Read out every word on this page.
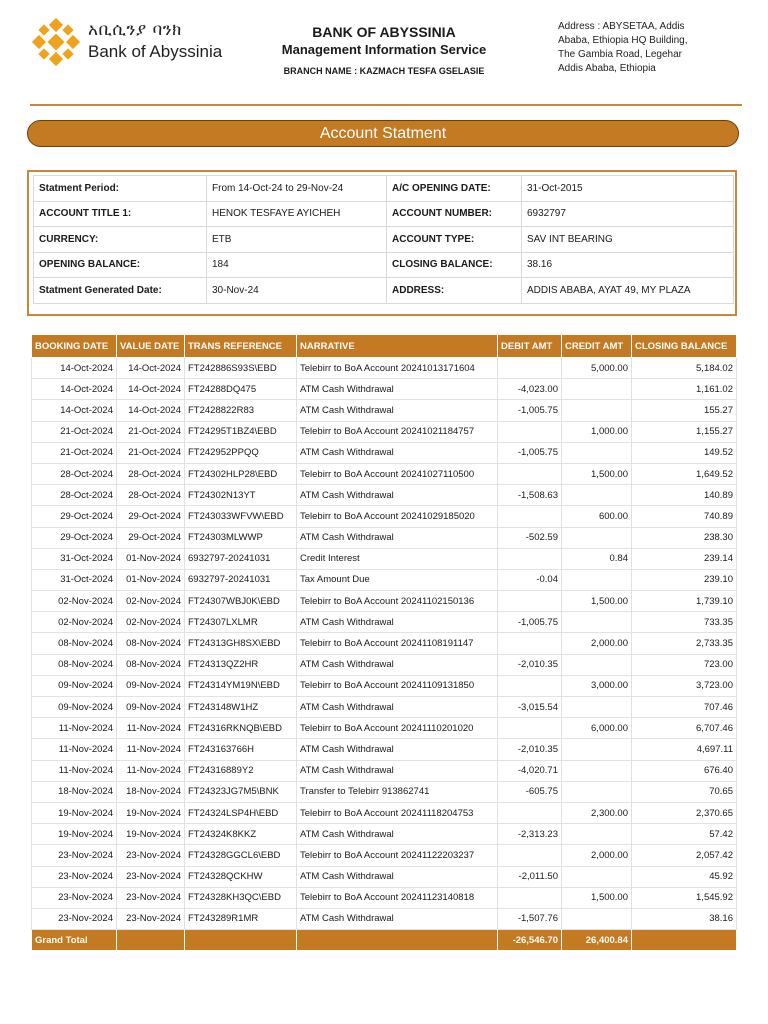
አቢሲንያ ባንክ
Bank of Abyssinia
BANK OF ABYSSINIA
Management Information Service
BRANCH NAME : KAZMACH TESFA GSELASIE
Address : ABYSETAA, Addis
Ababa, Ethiopia HQ Building,
The Gambia Road, Legehar
Addis Ababa, Ethiopia
Account Statment
Statment Period:	From 14-Oct-24 to 29-Nov-24	A/C OPENING DATE:	31-Oct-2015
ACCOUNT TITLE 1:	HENOK TESFAYE AYICHEH	ACCOUNT NUMBER:	6932797
CURRENCY:	ETB	ACCOUNT TYPE:	SAV INT BEARING
OPENING BALANCE:	184	CLOSING BALANCE:	38.16
Statment Generated Date:	30-Nov-24	ADDRESS:	ADDIS ABABA, AYAT 49, MY PLAZA
BOOKING DATE	VALUE DATE	TRANS REFERENCE	NARRATIVE	DEBIT AMT	CREDIT AMT	CLOSING BALANCE
14-Oct-2024	14-Oct-2024	FT242886S93S\EBD	Telebirr to BoA Account 20241013171604		5,000.00	5,184.02
14-Oct-2024	14-Oct-2024	FT24288DQ475	ATM Cash Withdrawal	-4,023.00		1,161.02
14-Oct-2024	14-Oct-2024	FT2428822R83	ATM Cash Withdrawal	-1,005.75		155.27
21-Oct-2024	21-Oct-2024	FT24295T1BZ4\EBD	Telebirr to BoA Account 20241021184757		1,000.00	1,155.27
21-Oct-2024	21-Oct-2024	FT242952PPQQ	ATM Cash Withdrawal	-1,005.75		149.52
28-Oct-2024	28-Oct-2024	FT24302HLP28\EBD	Telebirr to BoA Account 20241027110500		1,500.00	1,649.52
28-Oct-2024	28-Oct-2024	FT24302N13YT	ATM Cash Withdrawal	-1,508.63		140.89
29-Oct-2024	29-Oct-2024	FT243033WFVW\EBD	Telebirr to BoA Account 20241029185020		600.00	740.89
29-Oct-2024	29-Oct-2024	FT24303MLWWP	ATM Cash Withdrawal	-502.59		238.30
31-Oct-2024	01-Nov-2024	6932797-20241031	Credit Interest		0.84	239.14
31-Oct-2024	01-Nov-2024	6932797-20241031	Tax Amount Due	-0.04		239.10
02-Nov-2024	02-Nov-2024	FT24307WBJ0K\EBD	Telebirr to BoA Account 20241102150136		1,500.00	1,739.10
02-Nov-2024	02-Nov-2024	FT24307LXLMR	ATM Cash Withdrawal	-1,005.75		733.35
08-Nov-2024	08-Nov-2024	FT24313GH8SX\EBD	Telebirr to BoA Account 20241108191147		2,000.00	2,733.35
08-Nov-2024	08-Nov-2024	FT24313QZ2HR	ATM Cash Withdrawal	-2,010.35		723.00
09-Nov-2024	09-Nov-2024	FT24314YM19N\EBD	Telebirr to BoA Account 20241109131850		3,000.00	3,723.00
09-Nov-2024	09-Nov-2024	FT243148W1HZ	ATM Cash Withdrawal	-3,015.54		707.46
11-Nov-2024	11-Nov-2024	FT24316RKNQB\EBD	Telebirr to BoA Account 20241110201020		6,000.00	6,707.46
11-Nov-2024	11-Nov-2024	FT243163766H	ATM Cash Withdrawal	-2,010.35		4,697.11
11-Nov-2024	11-Nov-2024	FT24316889Y2	ATM Cash Withdrawal	-4,020.71		676.40
18-Nov-2024	18-Nov-2024	FT24323JG7M5\BNK	Transfer to Telebirr 913862741	-605.75		70.65
19-Nov-2024	19-Nov-2024	FT24324LSP4H\EBD	Telebirr to BoA Account 20241118204753		2,300.00	2,370.65
19-Nov-2024	19-Nov-2024	FT24324K8KKZ	ATM Cash Withdrawal	-2,313.23		57.42
23-Nov-2024	23-Nov-2024	FT24328GGCL6\EBD	Telebirr to BoA Account 20241122203237		2,000.00	2,057.42
23-Nov-2024	23-Nov-2024	FT24328QCKHW	ATM Cash Withdrawal	-2,011.50		45.92
23-Nov-2024	23-Nov-2024	FT24328KH3QC\EBD	Telebirr to BoA Account 20241123140818		1,500.00	1,545.92
23-Nov-2024	23-Nov-2024	FT243289R1MR	ATM Cash Withdrawal	-1,507.76		38.16
Grand Total				-26,546.70	26,400.84	
